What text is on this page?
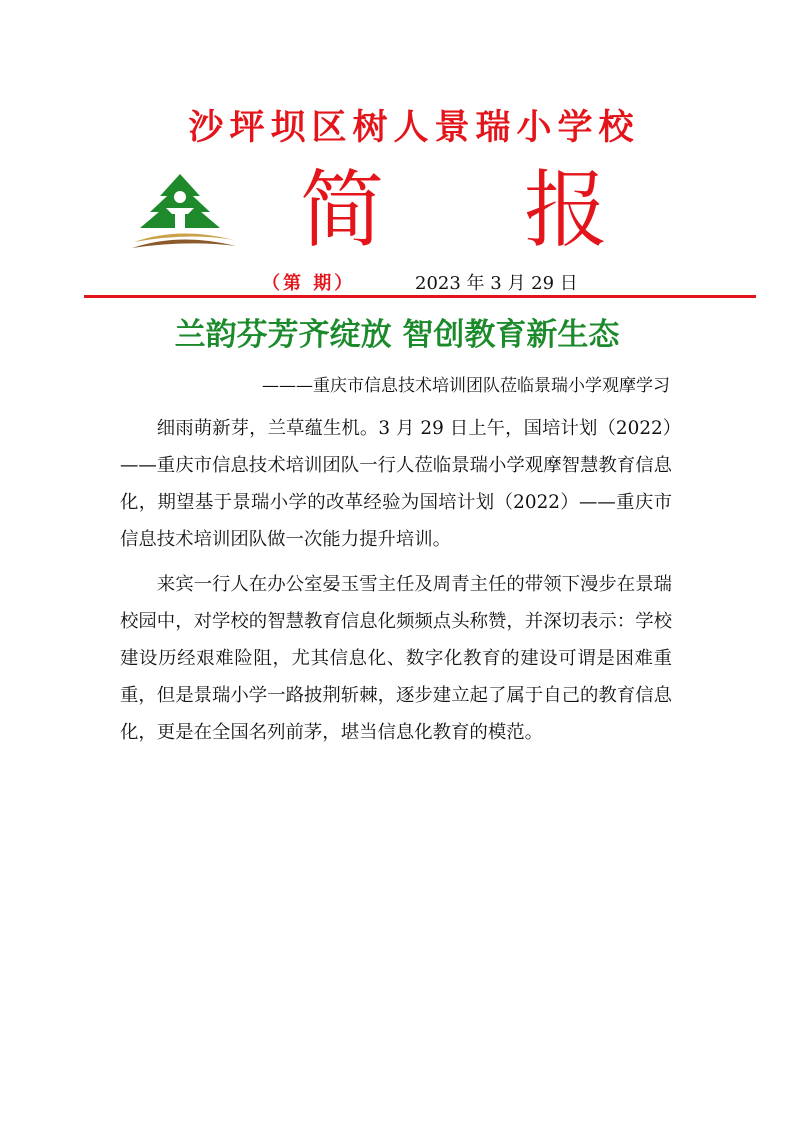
沙坪坝区树人景瑞小学校
简报
（第 期）	2023 年 3 月 29 日
兰韵芬芳齐绽放 智创教育新生态
———重庆市信息技术培训团队莅临景瑞小学观摩学习

细雨萌新芽，兰草蕴生机。3 月 29 日上午，国培计划（2022）——重庆市信息技术培训团队一行人莅临景瑞小学观摩智慧教育信息化，期望基于景瑞小学的改革经验为国培计划（2022）——重庆市信息技术培训团队做一次能力提升培训。

来宾一行人在办公室晏玉雪主任及周青主任的带领下漫步在景瑞校园中，对学校的智慧教育信息化频频点头称赞，并深切表示：学校建设历经艰难险阻，尤其信息化、数字化教育的建设可谓是困难重重，但是景瑞小学一路披荆斩棘，逐步建立起了属于自己的教育信息化，更是在全国名列前茅，堪当信息化教育的模范。
